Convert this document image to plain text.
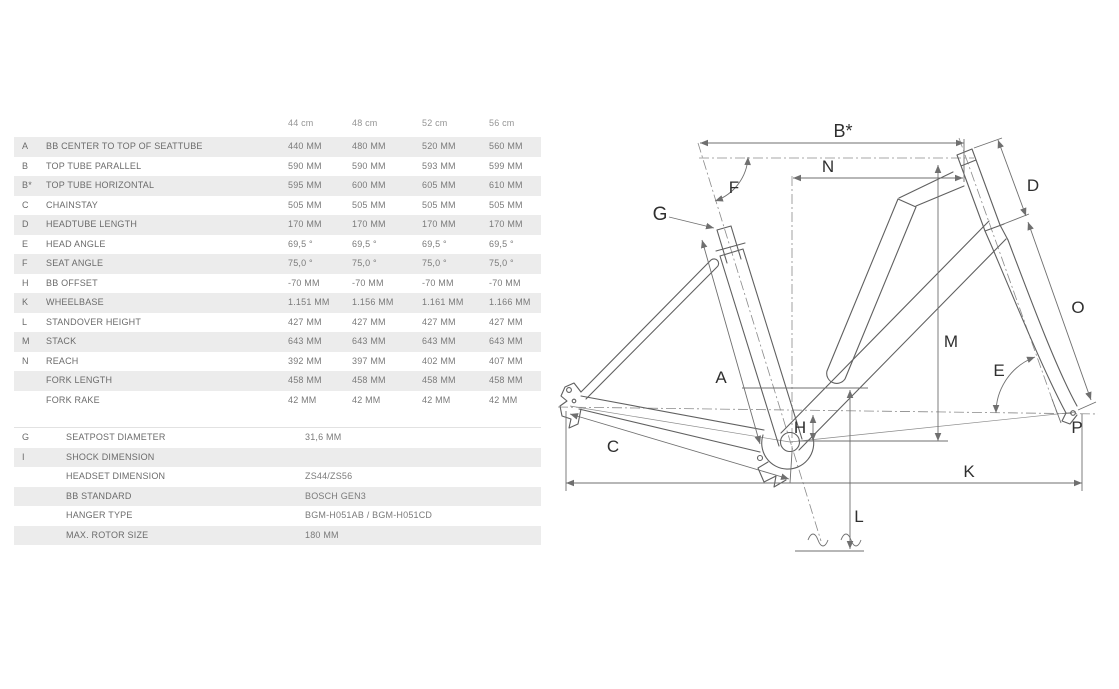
44 cm	48 cm	52 cm	56 cm
A	BB CENTER TO TOP OF SEATTUBE	440 MM	480 MM	520 MM	560 MM
B	TOP TUBE PARALLEL	590 MM	590 MM	593 MM	599 MM
B*	TOP TUBE HORIZONTAL	595 MM	600 MM	605 MM	610 MM
C	CHAINSTAY	505 MM	505 MM	505 MM	505 MM
D	HEADTUBE LENGTH	170 MM	170 MM	170 MM	170 MM
E	HEAD ANGLE	69,5 °	69,5 °	69,5 °	69,5 °
F	SEAT ANGLE	75,0 °	75,0 °	75,0 °	75,0 °
H	BB OFFSET	-70 MM	-70 MM	-70 MM	-70 MM
K	WHEELBASE	1.151 MM	1.156 MM	1.161 MM	1.166 MM
L	STANDOVER HEIGHT	427 MM	427 MM	427 MM	427 MM
M	STACK	643 MM	643 MM	643 MM	643 MM
N	REACH	392 MM	397 MM	402 MM	407 MM
FORK LENGTH	458 MM	458 MM	458 MM	458 MM
FORK RAKE	42 MM	42 MM	42 MM	42 MM
G	SEATPOST DIAMETER	31,6 MM
I	SHOCK DIMENSION
HEADSET DIMENSION	ZS44/ZS56
BB STANDARD	BOSCH GEN3
HANGER TYPE	BGM-H051AB / BGM-H051CD
MAX. ROTOR SIZE	180 MM
B*
N
F
G
D
A
M
E
O
H
C
K
L
P
